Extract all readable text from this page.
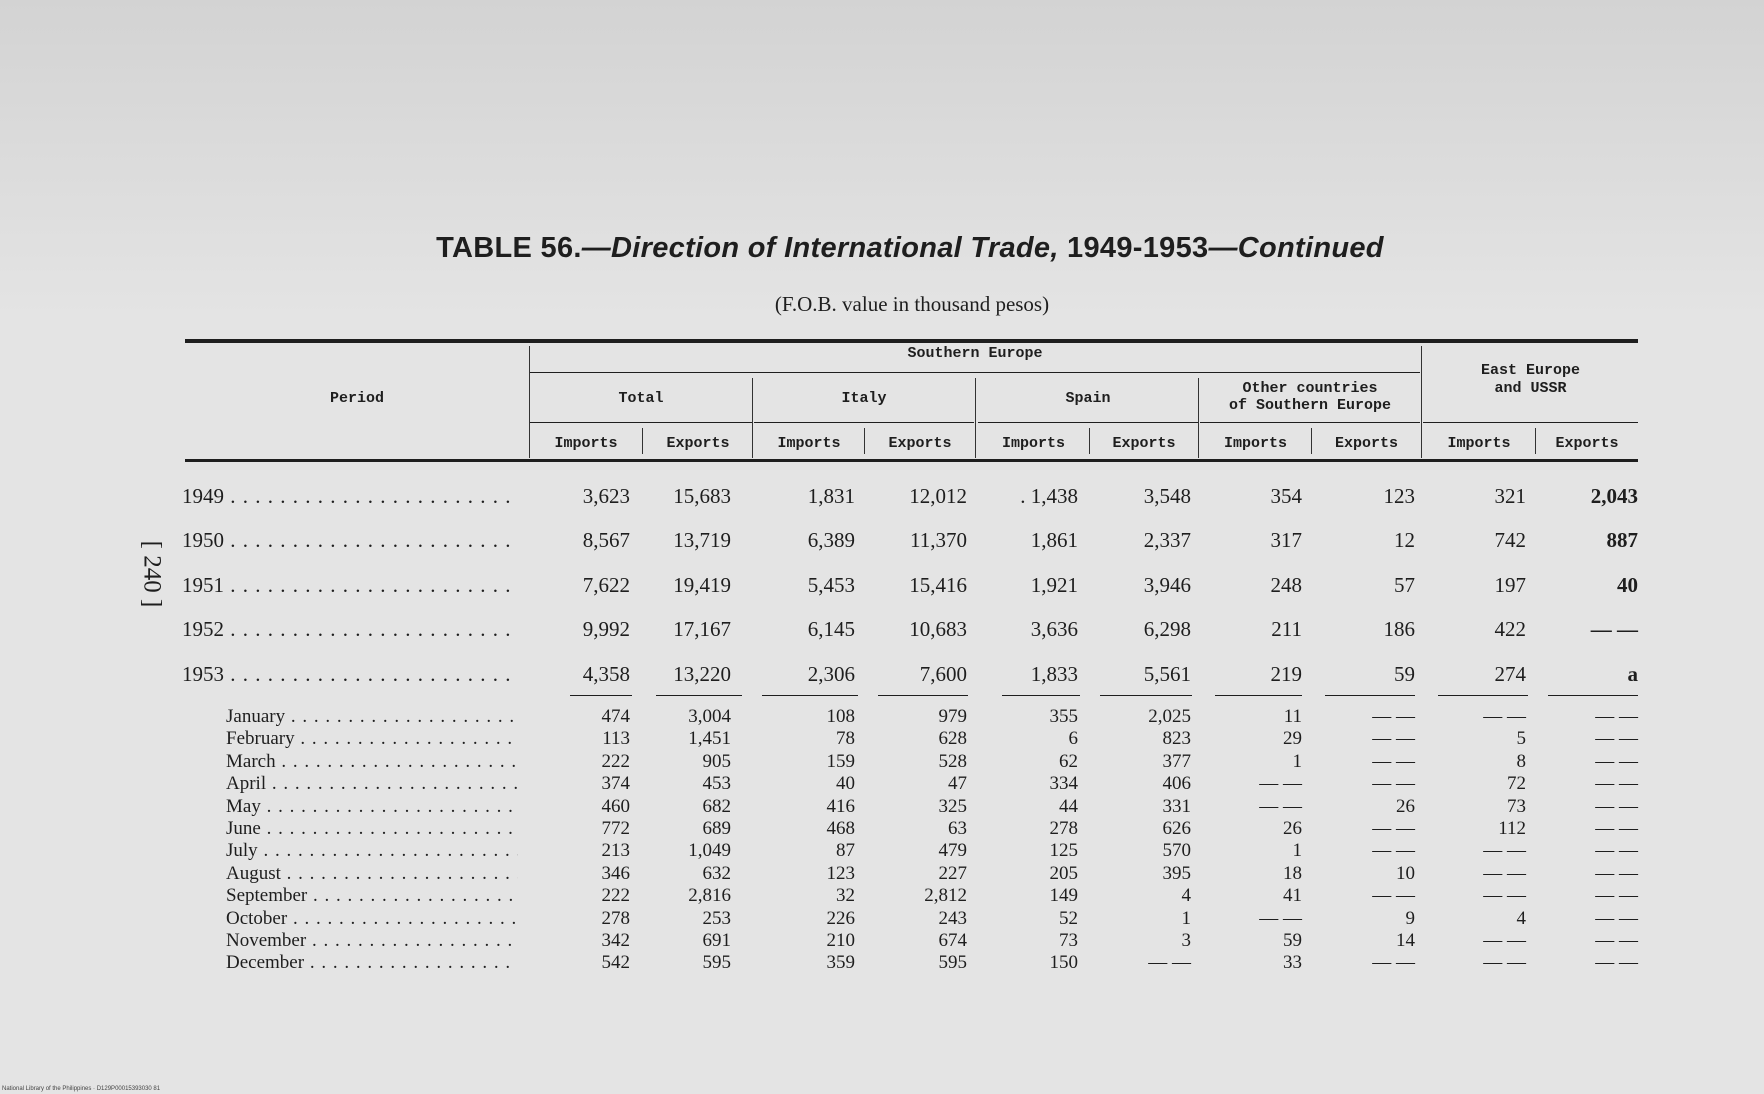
TABLE 56.—Direction of International Trade, 1949-1953—Continued
(F.O.B. value in thousand pesos)
[ 240 ]
National Library of the Philippines · D129P00015393030 81
Period
Southern Europe
Total	Italy	Spain
Other countries
of Southern Europe
East Europe
and USSR
Imports	Exports	Imports	Exports	Imports	Exports	Imports	Exports	Imports	Exports
1949 . . .	3,623	15,683	1,831	12,012	. 1,438	3,548	354	123	321	2,043
1950 . . .	8,567	13,719	6,389	11,370	1,861	2,337	317	12	742	887
1951 . . .	7,622	19,419	5,453	15,416	1,921	3,946	248	57	197	40
1952 . . .	9,992	17,167	6,145	10,683	3,636	6,298	211	186	422	— —
1953 . . .	4,358	13,220	2,306	7,600	1,833	5,561	219	59	274	a
January . . .	474	3,004	108	979	355	2,025	11	— —	— —	— —
February . . .	113	1,451	78	628	6	823	29	— —	5	— —
March . . .	222	905	159	528	62	377	1	— —	8	— —
April . . .	374	453	40	47	334	406	— —	— —	72	— —
May . . .	460	682	416	325	44	331	— —	26	73	— —
June . . .	772	689	468	63	278	626	26	— —	112	— —
July . . .	213	1,049	87	479	125	570	1	— —	— —	— —
August . . .	346	632	123	227	205	395	18	10	— —	— —
September . . .	222	2,816	32	2,812	149	4	41	— —	— —	— —
October . . .	278	253	226	243	52	1	— —	9	4	— —
November . . .	342	691	210	674	73	3	59	14	— —	— —
December . . .	542	595	359	595	150	— —	33	— —	— —	— —
